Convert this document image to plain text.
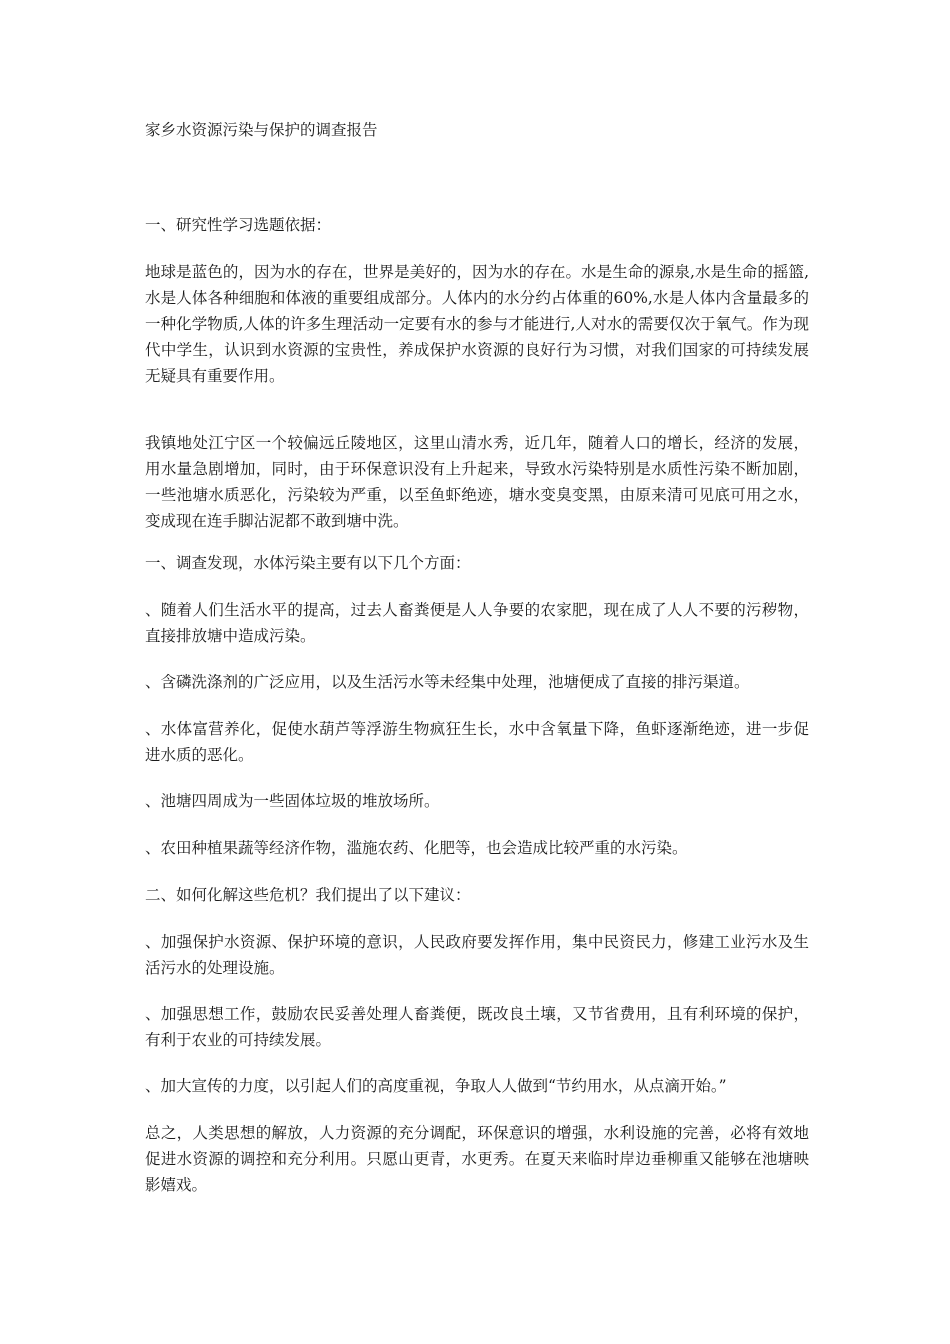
家乡水资源污染与保护的调查报告

一、研究性学习选题依据：

地球是蓝色的，因为水的存在，世界是美好的，因为水的存在。水是生命的源泉,水是生命的摇篮, 水是人体各种细胞和体液的重要组成部分。人体内的水分约占体重的60%,水是人体内含量最多的一种化学物质,人体的许多生理活动一定要有水的参与才能进行,人对水的需要仅次于氧气。作为现代中学生，认识到水资源的宝贵性，养成保护水资源的良好行为习惯，对我们国家的可持续发展无疑具有重要作用。

我镇地处江宁区一个较偏远丘陵地区，这里山清水秀，近几年，随着人口的增长，经济的发展，用水量急剧增加，同时，由于环保意识没有上升起来，导致水污染特别是水质性污染不断加剧，一些池塘水质恶化，污染较为严重，以至鱼虾绝迹，塘水变臭变黑，由原来清可见底可用之水，变成现在连手脚沾泥都不敢到塘中洗。

一、调查发现，水体污染主要有以下几个方面：

、随着人们生活水平的提高，过去人畜粪便是人人争要的农家肥，现在成了人人不要的污秽物，直接排放塘中造成污染。

、含磷洗涤剂的广泛应用，以及生活污水等未经集中处理，池塘便成了直接的排污渠道。

、水体富营养化，促使水葫芦等浮游生物疯狂生长，水中含氧量下降，鱼虾逐渐绝迹，进一步促进水质的恶化。

、池塘四周成为一些固体垃圾的堆放场所。

、农田种植果蔬等经济作物，滥施农药、化肥等，也会造成比较严重的水污染。

二、如何化解这些危机？我们提出了以下建议：

、加强保护水资源、保护环境的意识，人民政府要发挥作用，集中民资民力，修建工业污水及生活污水的处理设施。

、加强思想工作，鼓励农民妥善处理人畜粪便，既改良土壤，又节省费用，且有利环境的保护，有利于农业的可持续发展。

、加大宣传的力度，以引起人们的高度重视，争取人人做到“节约用水，从点滴开始。”

总之，人类思想的解放，人力资源的充分调配，环保意识的增强，水利设施的完善，必将有效地促进水资源的调控和充分利用。只愿山更青，水更秀。在夏天来临时岸边垂柳重又能够在池塘映影嬉戏。
